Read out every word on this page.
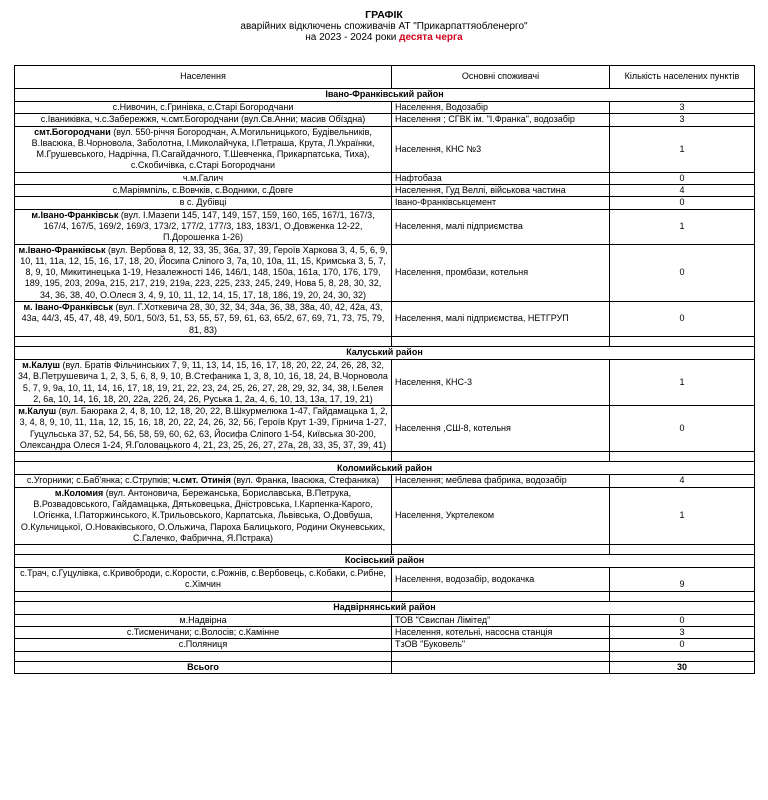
ГРАФІК
аварійних відключень споживачів АТ "Прикарпаттяобленерго"
на 2023 - 2024 роки десята черга
Населення	Основні споживачі	Кількість населених пунктів
Івано-Франківський район		
с.Нивочин, с.Гринівка, с.Старі Богородчани	Населення, Водозабір	3
с.Іваниківка, ч.с.Забережжя, ч.смт.Богородчани (вул.Св.Анни; масив Обїздна)	Населення ; СГВК ім. "І.Франка", водозабір	3
смт.Богородчани (вул. 550-річчя Богородчан, А.Могильницького, Будівельників, В.Івасюка, В.Чорновола, Заболотна, І.Миколайчука, І.Петраша, Крута, Л.Українки, М.Грушевського, Надрічна, П.Сагайдачного, Т.Шевченка, Прикарпатська, Тиха), с.Скобичівка, с.Старі Богородчани	Населення, КНС №3	1
ч.м.Галич	Нафтобаза	0
с.Маріямпіль, с.Вовчків, с.Водники, с.Довге	Населення, Гуд Веллі, військова частина	4
в с. Дубівці	Івано-Франківськцемент	0
м.Івано-Франківськ (вул. І.Мазепи 145, 147, 149, 157, 159, 160, 165, 167/1, 167/3, 167/4, 167/5, 169/2, 169/3, 173/2, 177/2, 177/3, 183, 183/1, О.Довженка 12-22, П.Дорошенка 1-26)	Населення, малі підприємства	1
м.Івано-Франківськ (вул. Вербова 8, 12, 33, 35, 36а, 37, 39, Героїв Харкова 3, 4, 5, 6, 9, 10, 11, 11а, 12, 15, 16, 17, 18, 20, Йосипа Сліпого 3, 7а, 10, 10а, 11, 15, Кримська 3, 5, 7, 8, 9, 10, Микитинецька 1-19, Незалежності 146, 146/1, 148, 150а, 161а, 170, 176, 179, 189, 195, 203, 209а, 215, 217, 219, 219а, 223, 225, 233, 245, 249, Нова 5, 8, 28, 30, 32, 34, 36, 38, 40, О.Олеся 3, 4, 9, 10, 11, 12, 14, 15, 17, 18, 186, 19, 20, 24, 30, 32)	Населення, промбази, котельня	0
м. Івано-Франківськ (вул. Г.Хоткевича 28, 30, 32, 34, 34а, 36, 38, 38а, 40, 42, 42а, 43, 43а, 44/3, 45, 47, 48, 49, 50/1, 50/3, 51, 53, 55, 57, 59, 61, 63, 65/2, 67, 69, 71, 73, 75, 79, 81, 83)	Населення, малі підприємства, НЕТГРУП	0

Калуський район		
м.Калуш (вул. Братів Фільчинських 7, 9, 11, 13, 14, 15, 16, 17, 18, 20, 22, 24, 26, 28, 32, 34, В.Петрушевича 1, 2, 3, 5, 6, 8, 9, 10, В.Стефаника 1, 3, 8, 10, 16, 18, 24, В.Чорновола 5, 7, 9, 9а, 10, 11, 14, 16, 17, 18, 19, 21, 22, 23, 24, 25, 26, 27, 28, 29, 32, 34, 38, І.Белея 2, 6а, 10, 14, 16, 18, 20, 22а, 22б, 24, 26, Руська 1, 2а, 4, 6, 10, 13, 13а, 17, 19, 21)	Населення, КНС-3	1
м.Калуш (вул. Баюрака 2, 4, 8, 10, 12, 18, 20, 22, В.Шкурмелюка 1-47, Гайдамацька 1, 2, 3, 4, 8, 9, 10, 11, 11а, 12, 15, 16, 18, 20, 22, 24, 26, 32, 56, Героїв Крут 1-39, Гірнича 1-27, Гуцульська 37, 52, 54, 56, 58, 59, 60, 62, 63, Йосифа Сліпого 1-54, Київська 30-200, Олександра Олеся 1-24, Я.Головацького 4, 21, 23, 25, 26, 27, 27а, 28, 33, 35, 37, 39, 41)	Населення ,СШ-8, котельня	0

Коломийський район		
с.Угорники; с.Баб'янка; с.Струпків; ч.смт. Отинія (вул. Франка, Івасюка, Стефаника)	Населення; меблева фабрика, водозабір	4
м.Коломия (вул. Антоновича, Бережанська, Бориславська, В.Петрука, В.Розвадовського, Гайдамацька, Дятьковецька, Дністровська, І.Карпенка-Карого, І.Огієнка, І.Паторжинського, К.Трильовського, Карпатська, Львівська, О.Довбуша, О.Кульчицької, О.Новаківського, О.Ольжича, Пароха Балицького, Родини Окуневських, С.Галечко, Фабрична, Я.Пстрака)	Населення, Укртелеком	1

Косівський район		
с.Трач, с.Гуцулівка, с.Кривоброди, с.Корости, с.Рожнів, с.Вербовець, с.Кобаки, с.Рибне, с.Хімчин	Населення, водозабір, водокачка	9

Надвірнянський район		
м.Надвірна	ТОВ "Свиспан Лімітед"	0
с.Тисменичани; с.Волосів; с.Камінне	Населення, котельні, насосна станція	3
с.Поляниця	ТзОВ "Буковель"	0

Всього		30
